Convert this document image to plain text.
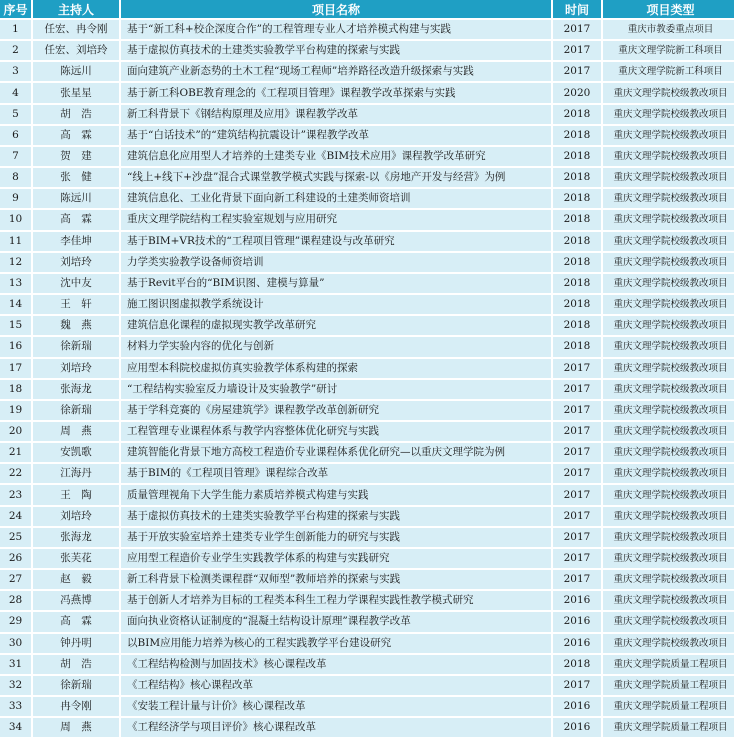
序号	主持人	项目名称	时间	项目类型
1	任宏、冉令刚	基于“新工科+校企深度合作”的工程管理专业人才培养模式构建与实践	2017	重庆市教委重点项目
2	任宏、刘培玲	基于虚拟仿真技术的土建类实验教学平台构建的探索与实践	2017	重庆文理学院新工科项目
3	陈远川	面向建筑产业新态势的土木工程“现场工程师”培养路径改造升级探索与实践	2017	重庆文理学院新工科项目
4	张星星	基于新工科OBE教育理念的《工程项目管理》课程教学改革探索与实践	2020	重庆文理学院校级教改项目
5	胡　浩	新工科背景下《钢结构原理及应用》课程教学改革	2018	重庆文理学院校级教改项目
6	高　霖	基于“白话技术”的“建筑结构抗震设计”课程教学改革	2018	重庆文理学院校级教改项目
7	贺　建	建筑信息化应用型人才培养的土建类专业《BIM技术应用》课程教学改革研究	2018	重庆文理学院校级教改项目
8	张　健	“线上+线下+沙盘”混合式课堂教学模式实践与探索-以《房地产开发与经营》为例	2018	重庆文理学院校级教改项目
9	陈远川	建筑信息化、工业化背景下面向新工科建设的土建类师资培训	2018	重庆文理学院校级教改项目
10	高　霖	重庆文理学院结构工程实验室规划与应用研究	2018	重庆文理学院校级教改项目
11	李佳坤	基于BIM+VR技术的“工程项目管理”课程建设与改革研究	2018	重庆文理学院校级教改项目
12	刘培玲	力学类实验教学设备师资培训	2018	重庆文理学院校级教改项目
13	沈中友	基于Revit平台的“BIM识图、建模与算量”	2018	重庆文理学院校级教改项目
14	王　轩	施工图识图虚拟教学系统设计	2018	重庆文理学院校级教改项目
15	魏　燕	建筑信息化课程的虚拟现实教学改革研究	2018	重庆文理学院校级教改项目
16	徐新瑞	材料力学实验内容的优化与创新	2018	重庆文理学院校级教改项目
17	刘培玲	应用型本科院校虚拟仿真实验教学体系构建的探索	2017	重庆文理学院校级教改项目
18	张海龙	“工程结构实验室反力墙设计及实验教学”研讨	2017	重庆文理学院校级教改项目
19	徐新瑞	基于学科竞赛的《房屋建筑学》课程教学改革创新研究	2017	重庆文理学院校级教改项目
20	周　燕	工程管理专业课程体系与教学内容整体优化研究与实践	2017	重庆文理学院校级教改项目
21	安凯歌	建筑智能化背景下地方高校工程造价专业课程体系优化研究—以重庆文理学院为例	2017	重庆文理学院校级教改项目
22	江海丹	基于BIM的《工程项目管理》课程综合改革	2017	重庆文理学院校级教改项目
23	王　陶	质量管理视角下大学生能力素质培养模式构建与实践	2017	重庆文理学院校级教改项目
24	刘培玲	基于虚拟仿真技术的土建类实验教学平台构建的探索与实践	2017	重庆文理学院校级教改项目
25	张海龙	基于开放实验室培养土建类专业学生创新能力的研究与实践	2017	重庆文理学院校级教改项目
26	张芙花	应用型工程造价专业学生实践教学体系的构建与实践研究	2017	重庆文理学院校级教改项目
27	赵　毅	新工科背景下检测类课程群“双师型”教师培养的探索与实践	2017	重庆文理学院校级教改项目
28	冯燕博	基于创新人才培养为目标的工程类本科生工程力学课程实践性教学模式研究	2016	重庆文理学院校级教改项目
29	高　霖	面向执业资格认证制度的“混凝土结构设计原理”课程教学改革	2016	重庆文理学院校级教改项目
30	钟丹明	以BIM应用能力培养为核心的工程实践教学平台建设研究	2016	重庆文理学院校级教改项目
31	胡　浩	《工程结构检测与加固技术》核心课程改革	2018	重庆文理学院质量工程项目
32	徐新瑞	《工程结构》核心课程改革	2017	重庆文理学院质量工程项目
33	冉令刚	《安装工程计量与计价》核心课程改革	2016	重庆文理学院质量工程项目
34	周　燕	《工程经济学与项目评价》核心课程改革	2016	重庆文理学院质量工程项目
